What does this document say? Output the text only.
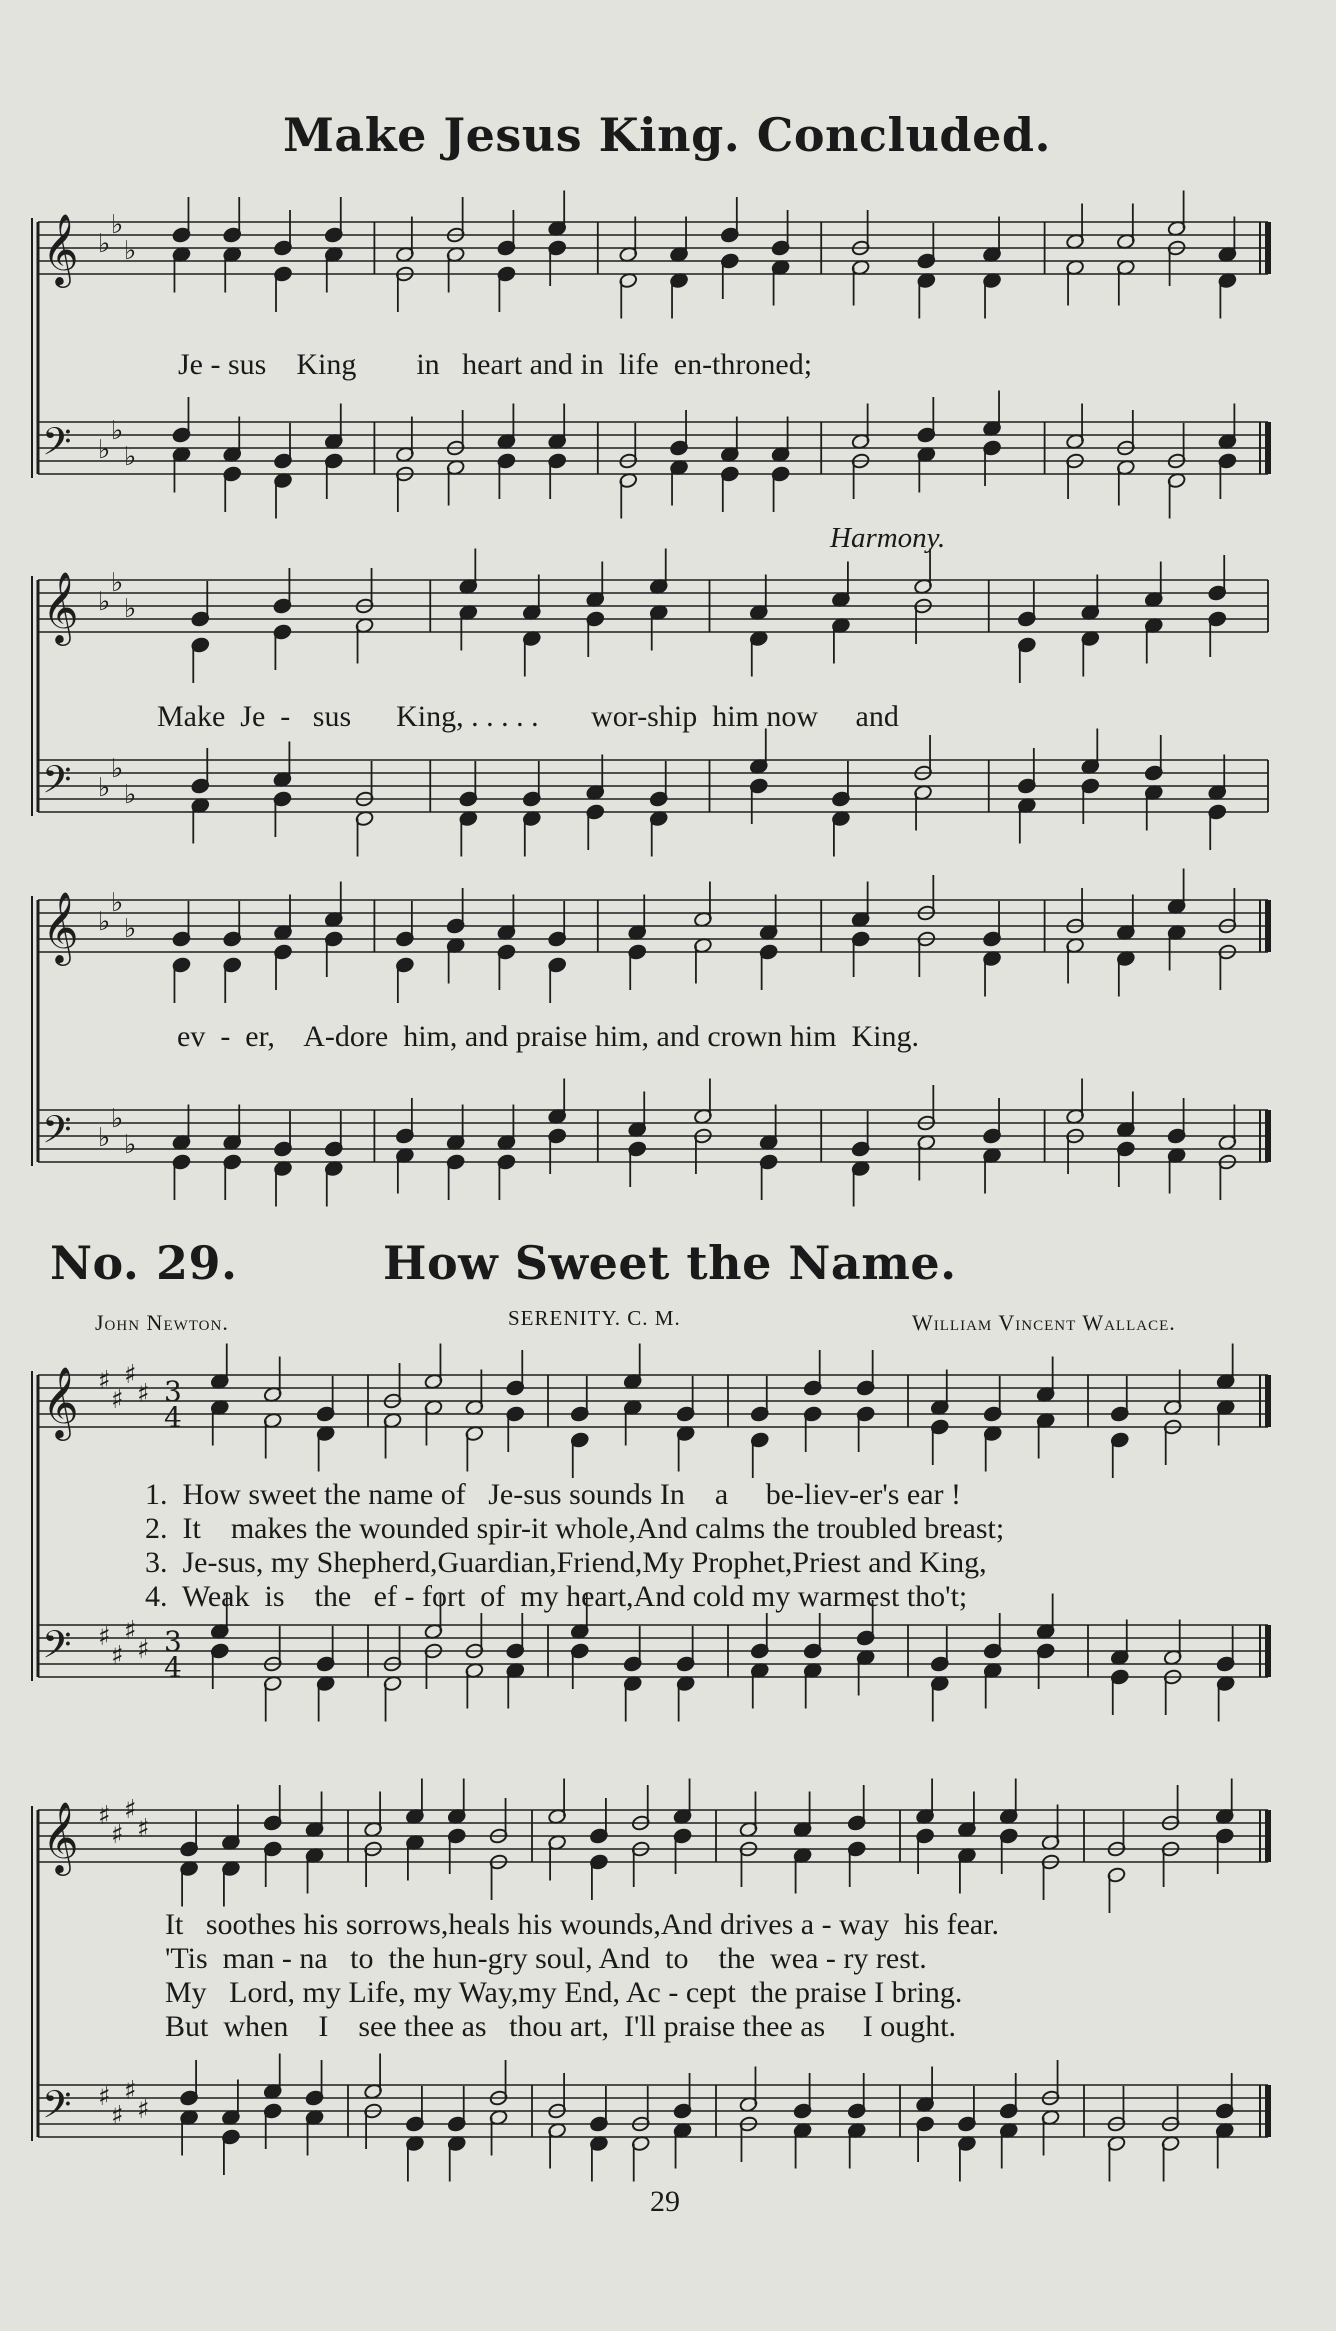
Make Jesus King. Concluded.
Harmony.
Je - sus    King        in   heart and in  life  en-throned;
Make  Je  -   sus      King, . . . . .       wor-ship  him now     and
ev  -  er,    A-dore  him, and praise him, and crown him  King.
No. 29.	How Sweet the Name.
John Newton.	SERENITY. C. M.	William Vincent Wallace.
1.  How sweet the name of   Je-sus sounds In    a     be-liev-er's ear !
2.  It    makes the wounded spir-it whole,And calms the troubled breast;
3.  Je-sus, my Shepherd,Guardian,Friend,My Prophet,Priest and King,
4.  Weak  is    the   ef - fort  of  my heart,And cold my warmest tho't;
It   soothes his sorrows,heals his wounds,And drives a - way  his fear.
'Tis  man - na   to  the hun-gry soul, And  to    the  wea - ry rest.
My   Lord, my Life, my Way,my End, Ac - cept  the praise I bring.
But  when    I    see thee as   thou art,  I'll praise thee as     I ought.
29
𝄞
𝄢
♭
♭
♭
♭
♭
♭
𝄞
𝄢
♭
♭
♭
♭
♭
♭
𝄞
𝄢
♭
♭
♭
♭
♭
♭
𝄞
𝄢
♯
♯
♯
♯
♯
♯
♯
♯
3
4
3
4
𝄞
𝄢
♯
♯
♯
♯
♯
♯
♯
♯
